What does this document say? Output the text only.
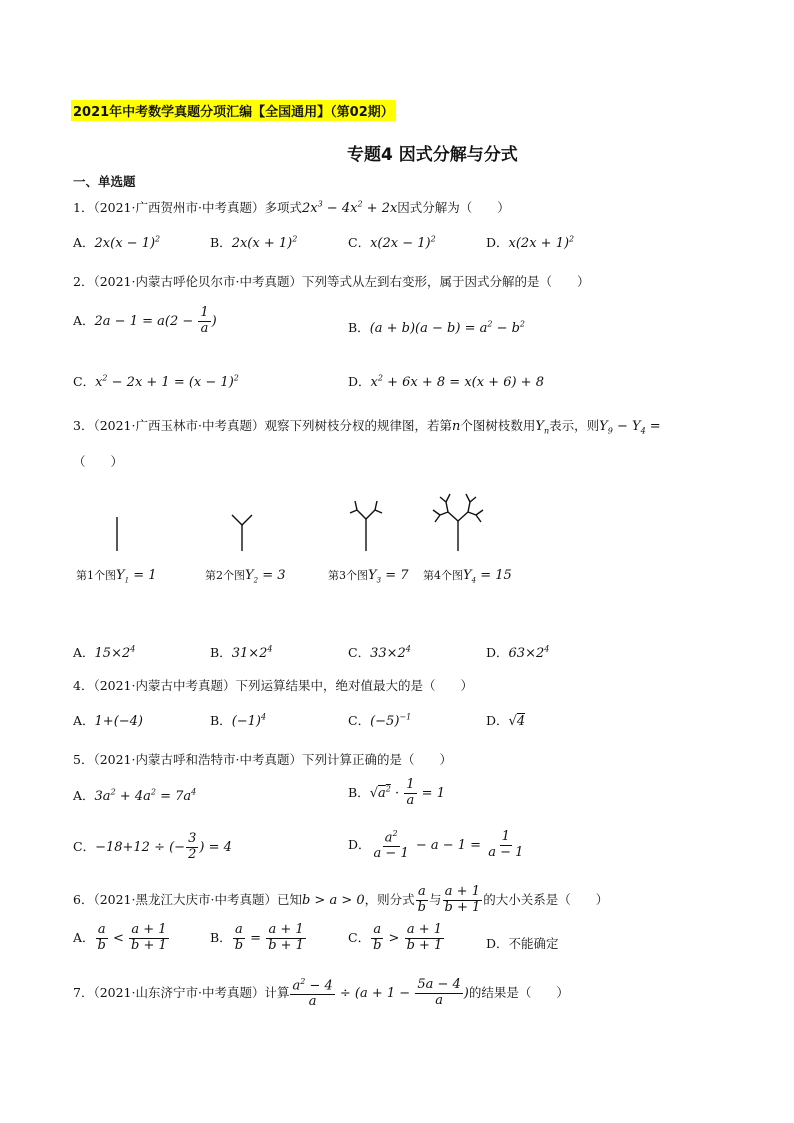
2021年中考数学真题分项汇编【全国通用】（第02期）
专题4 因式分解与分式
一、单选题
1．（2021·广西贺州市·中考真题）多项式$2x^3 - 4x^2 + 2x$因式分解为（　　）
A．$2x(x - 1)^2$	B．$2x(x + 1)^2$	C．$x(2x - 1)^2$	D．$x(2x + 1)^2$
2．（2021·内蒙古呼伦贝尔市·中考真题）下列等式从左到右变形，属于因式分解的是（　　）
A．$2a - 1 = a(2 - \frac{1}{a}$ )	B．$(a + b)(a - b) = a^2 - b^2$
C．$x^2 - 2x + 1 = (x - 1)^2$	D．$x^2 + 6x + 8 = x(x + 6) + 8$
3．（2021·广西玉林市·中考真题）观察下列树枝分杈的规律图，若第n个图树枝数用$Y_n$表示，则$Y_9 - Y_4$ =
（　　）
第1个图$Y_1 = 1$	第2个图$Y_2 = 3$	第3个图$Y_3 = 7$ 第4个图$Y_4 = 15$
A．$15\times 2^4$	B．$31\times 2^4$	C．$33\times 2^4$	D．$63\times 2^4$
4．（2021·内蒙古中考真题）下列运算结果中，绝对值最大的是（　　）
A．1+(−4)	B．$(-1)^4$	C．$(-5)^{-1}$	D．√4
5．（2021·内蒙古呼和浩特市·中考真题）下列计算正确的是（　　）
A．$3a^2 + 4a^2 = 7a^4$	B．$√a^2 \cdot \frac{1}{a} = 1$
C．−18+12 ÷ (− $\frac{3}{2}$ ) = 4	D． $\frac{a^2}{a - 1} - a - 1 = \frac{1}{a - 1}$
6．（2021·黑龙江大庆市·中考真题）已知b > a > 0，则分式 $\frac{a}{b}$ 与 $\frac{a + 1}{b + 1}$ 的大小关系是（　　）
A． $\frac{a}{b} < \frac{a + 1}{b + 1}$	B． $\frac{a}{b} = \frac{a + 1}{b + 1}$	C． $\frac{a}{b} > \frac{a + 1}{b + 1}$	D．不能确定
7．（2021·山东济宁市·中考真题）计算 $\frac{a^2 - 4}{a} \div (a + 1 - \frac{5a - 4}{a}$ )的结果是（　　）
